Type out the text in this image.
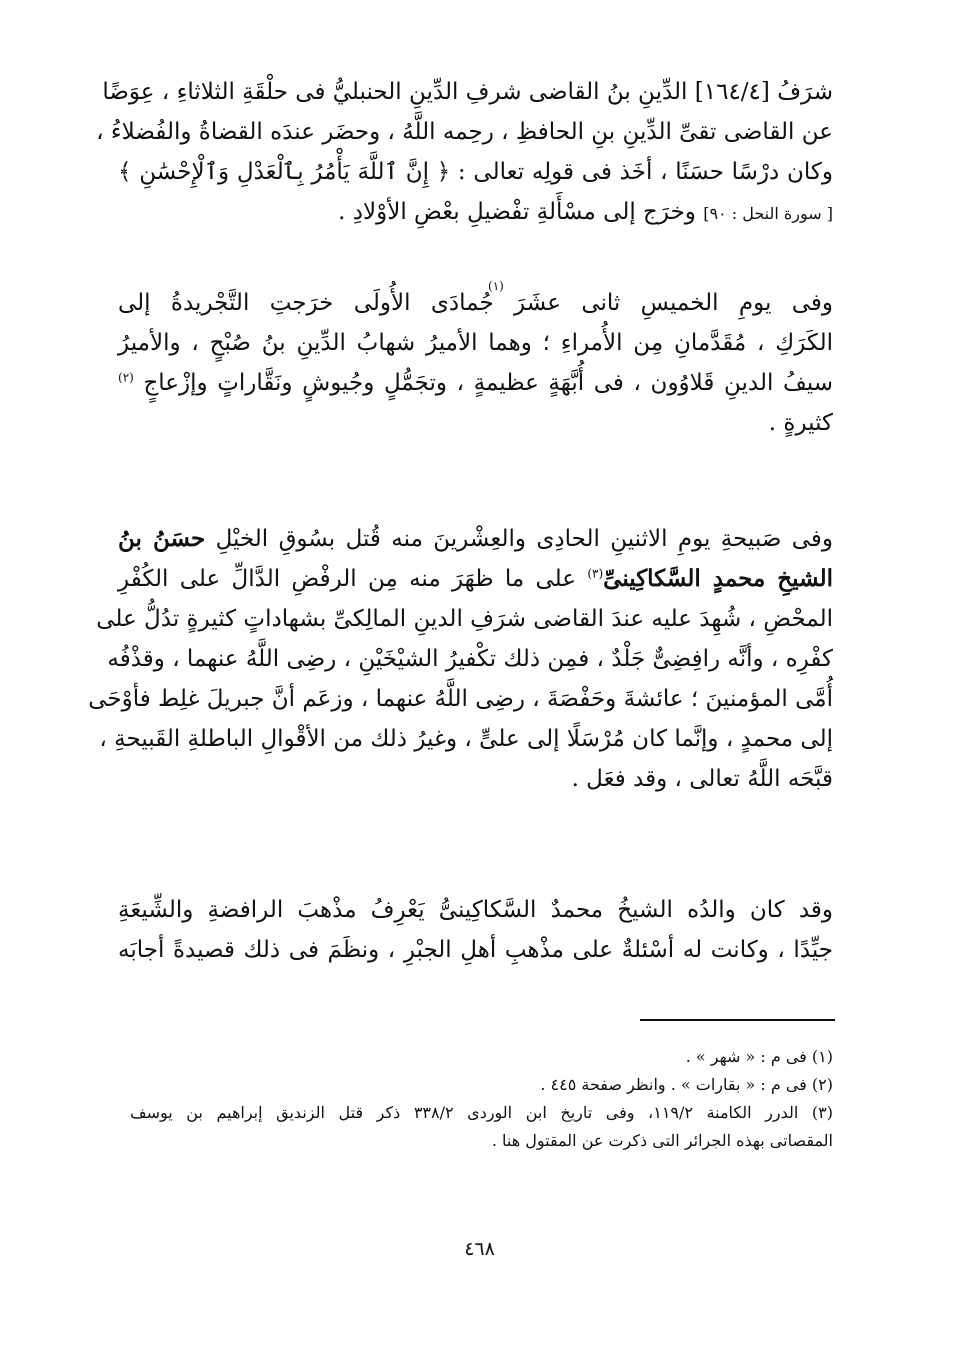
شرَفُ [١٦٤/٤] الدِّينِ بنُ القاضى شرفِ الدِّينِ الحنبليُّ فى حلْقَةِ الثلاثاءِ ، عِوَضًا
عن القاضى تقىِّ الدِّينِ بنِ الحافظِ ، رحِمه اللَّهُ ، وحضَر عندَه القضاةُ والفُضلاءُ ،
وكان درْسًا حسَنًا ، أخَذ فى قولِه تعالى : ﴿ إِنَّ ٱللَّهَ يَأْمُرُ بِٱلْعَدْلِ وَٱلْإِحْسَٰنِ ﴾
[ سورة النحل : ٩٠] وخرَج إلى مسْأَلةِ تفْضيلِ بعْضِ الأوْلادِ .
وفى يومِ الخميسِ ثانى عشَرَ جُمادَى الأُولَى خرَجتِ التَّجْريدةُ إلى
الكَرَكِ ، مُقَدَّمانِ مِن الأُمراءِ ؛ وهما الأميرُ شهابُ الدِّينِ بنُ صُبْحٍ ، والأميرُ
سيفُ الدينِ قَلاوُون ، فى أُبَّهَةٍ عظيمةٍ ، وتجَمُّلٍ وجُيوشٍ ونَقَّاراتٍ وإزْعاجٍ $^{(٢)}$
كثيرةٍ .
وفى صَبيحةِ يومِ الاثنينِ الحادِى والعِشْرينَ منه قُتل بسُوقِ الخيْلِ حسَنُ بنُ
الشيخِ محمدٍ السَّكاكِينىِّ$^{(٣)}$ على ما ظهَرَ منه مِن الرفْضِ الدَّالِّ على الكُفْرِ
المحْضِ ، شُهِدَ عليه عندَ القاضى شرَفِ الدينِ المالِكىِّ بشهاداتٍ كثيرةٍ تدُلُّ على
كفْرِه ، وأنَّه رافِضِىٌّ جَلْدٌ ، فمِن ذلك تكْفيرُ الشيْخَيْنِ ، رضِى اللَّهُ عنهما ، وقذْفُه
أُمَّى المؤمنينَ ؛ عائشةَ وحَفْصَةَ ، رضِى اللَّهُ عنهما ، وزعَم أنَّ جبريلَ غلِط فأوْحَى
إلى محمدٍ ، وإنَّما كان مُرْسَلًا إلى علىٍّ ، وغيرُ ذلك من الأقْوالِ الباطلةِ القَبيحةِ ،
قبَّحَه اللَّهُ تعالى ، وقد فعَل .
وقد كان والدُه الشيخُ محمدٌ السَّكاكِينىُّ يَعْرِفُ مذْهبَ الرافضةِ والشِّيعَةِ
جيِّدًا ، وكانت له أسْئلةٌ على مذْهبِ أهلِ الجبْرِ ، ونظَمَ فى ذلك قصيدةً أجابَه
(١) فى م : « شهر » .
(٢) فى م : « بقارات » . وانظر صفحة ٤٤٥ .
(٣) الدرر الكامنة ١١٩/٢، وفى تاريخ ابن الوردى ٣٣٨/٢ ذكر قتل الزنديق إبراهيم بن يوسف
المقصاتى بهذه الجرائر التى ذكرت عن المقتول هنا .
٤٦٨
(١)
